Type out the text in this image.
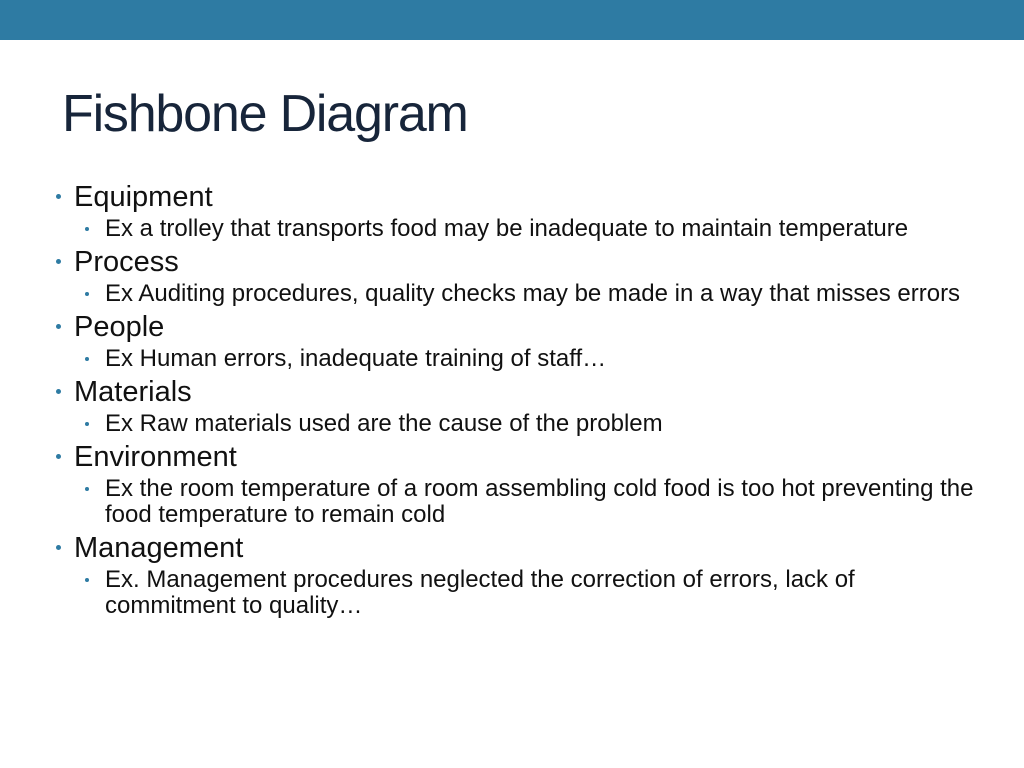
Fishbone Diagram
Equipment
Ex a trolley that transports food may be inadequate to maintain temperature
Process
Ex Auditing procedures, quality checks may be made in a way that misses errors
People
Ex Human errors, inadequate training of staff…
Materials
Ex Raw materials used are the cause of the problem
Environment
Ex the room temperature of a room assembling cold food is too hot preventing the food temperature to remain cold
Management
Ex. Management procedures neglected the correction of errors, lack of commitment to quality…
